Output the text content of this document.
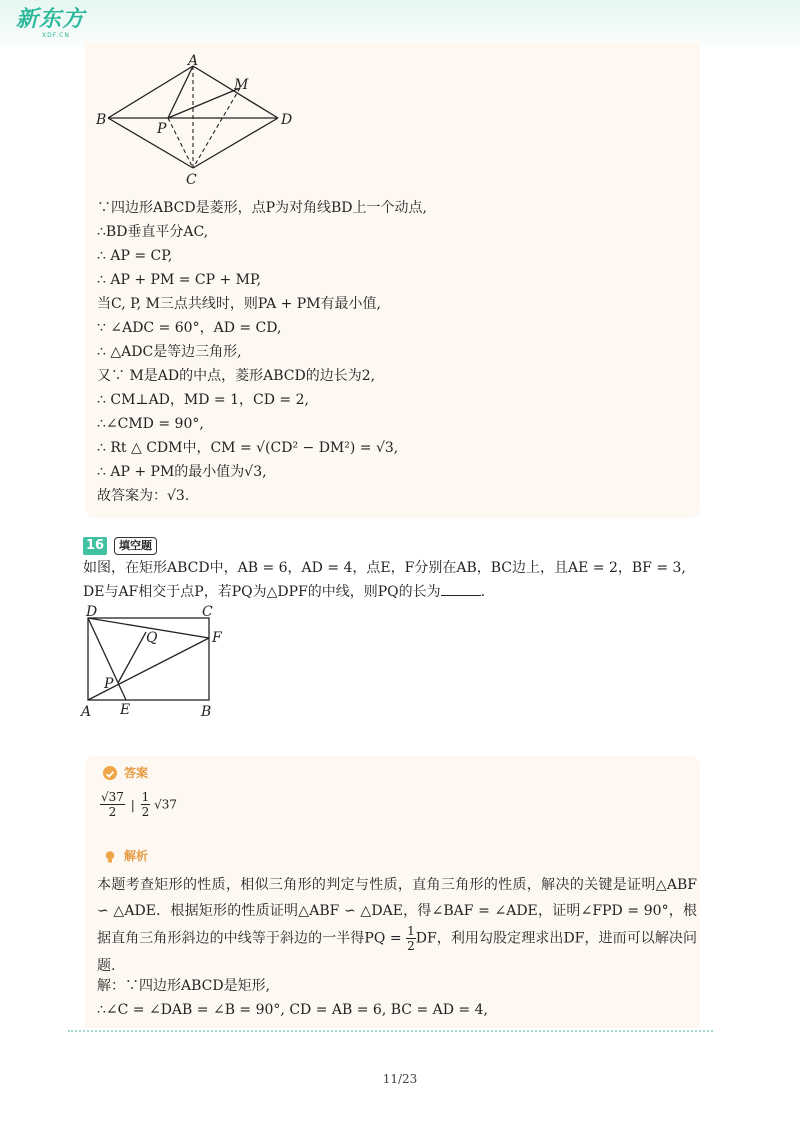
新东方
XDF.CN
A
M
B
P
D
C
∵四边形ABCD是菱形，点P为对角线BD上一个动点,
∴BD垂直平分AC,
∴ AP = CP,
∴ AP + PM = CP + MP,
当C, P, M三点共线时，则PA + PM有最小值,
∵ ∠ADC = 60°，AD = CD,
∴ △ADC是等边三角形,
又∵ M是AD的中点，菱形ABCD的边长为2,
∴ CM⊥AD，MD = 1，CD = 2,
∴∠CMD = 90°,
∴ Rt △ CDM中，CM = √(CD² − DM²) = √3,
∴ AP + PM的最小值为√3,
故答案为：√3.
16	填空题
如图，在矩形ABCD中，AB = 6，AD = 4，点E，F分别在AB，BC边上，且AE = 2，BF = 3,
DE与AF相交于点P，若PQ为△DPF的中线，则PQ的长为	.
D	C
Q	F
P
A E	B
答案
$\frac{√37}{2}$ | $\frac{1}{2} √37$
解析
本题考查矩形的性质，相似三角形的判定与性质，直角三角形的性质，解决的关键是证明△ABF ∽ △ADE．根据矩形的性质证明△ABF ∽ △DAE，得∠BAF = ∠ADE，证明∠FPD = 90°，根据直角三角形斜边的中线等于斜边的一半得PQ = $\frac{1}{2}$ DF，利用勾股定理求出DF，进而可以解决问题.
解：∵四边形ABCD是矩形,
∴∠C = ∠DAB = ∠B = 90°, CD = AB = 6, BC = AD = 4,
11/23
